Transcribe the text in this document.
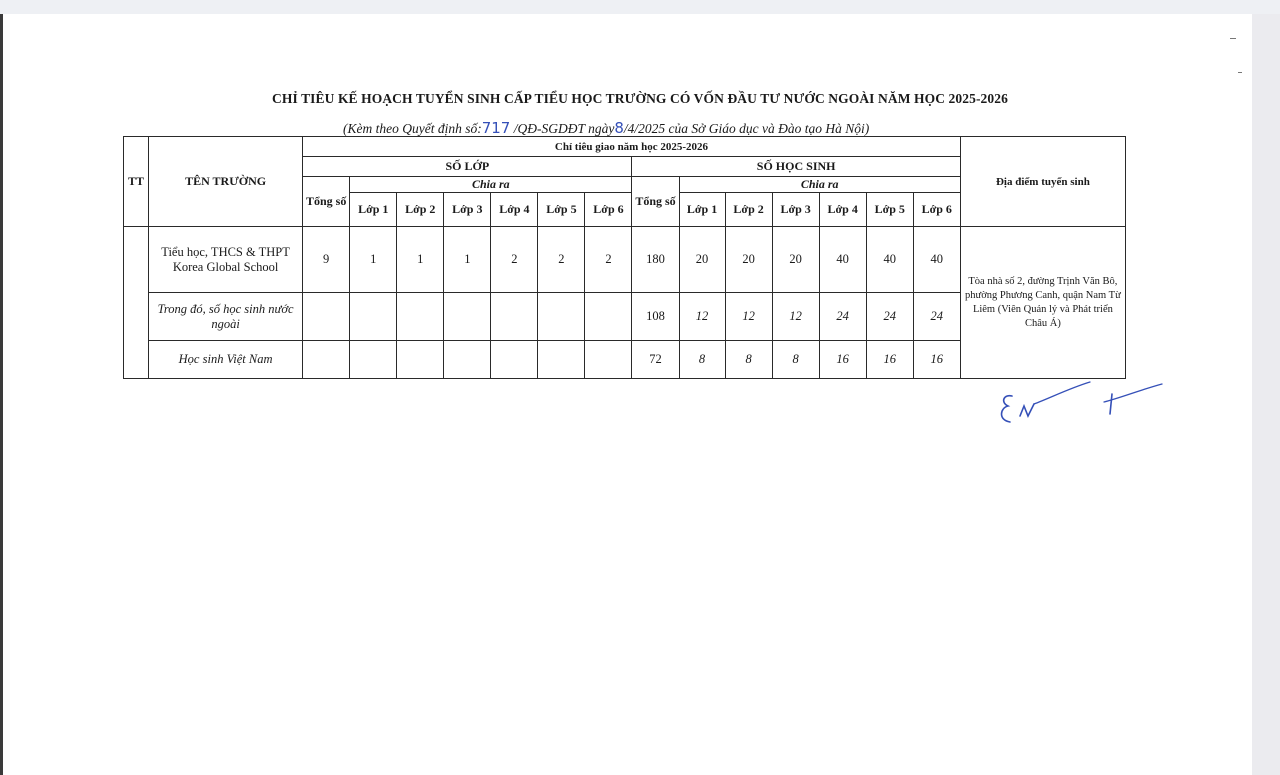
CHỈ TIÊU KẾ HOẠCH TUYỂN SINH CẤP TIỂU HỌC TRƯỜNG CÓ VỐN ĐẦU TƯ NƯỚC NGOÀI NĂM HỌC 2025-2026
(Kèm theo Quyết định số:717 /QĐ-SGDĐT ngày8/4/2025 của Sở Giáo dục và Đào tạo Hà Nội)
TT	TÊN TRƯỜNG	Chỉ tiêu giao năm học 2025-2026														Địa điểm tuyển sinh
		SỐ LỚP							SỐ HỌC SINH							
		Tổng số	Chia ra						Tổng số	Chia ra						
			Lớp 1	Lớp 2	Lớp 3	Lớp 4	Lớp 5	Lớp 6		Lớp 1	Lớp 2	Lớp 3	Lớp 4	Lớp 5	Lớp 6	
	Tiểu học, THCS & THPT Korea Global School	9	1	1	1	2	2	2	180	20	20	20	40	40	40	Tòa nhà số 2, đường Trịnh Văn Bô, phường Phương Canh, quận Nam Từ Liêm (Viên Quản lý và Phát triển Châu Á)
	Trong đó, số học sinh nước ngoài								108	12	12	12	24	24	24	
	Học sinh Việt Nam								72	8	8	8	16	16	16	
